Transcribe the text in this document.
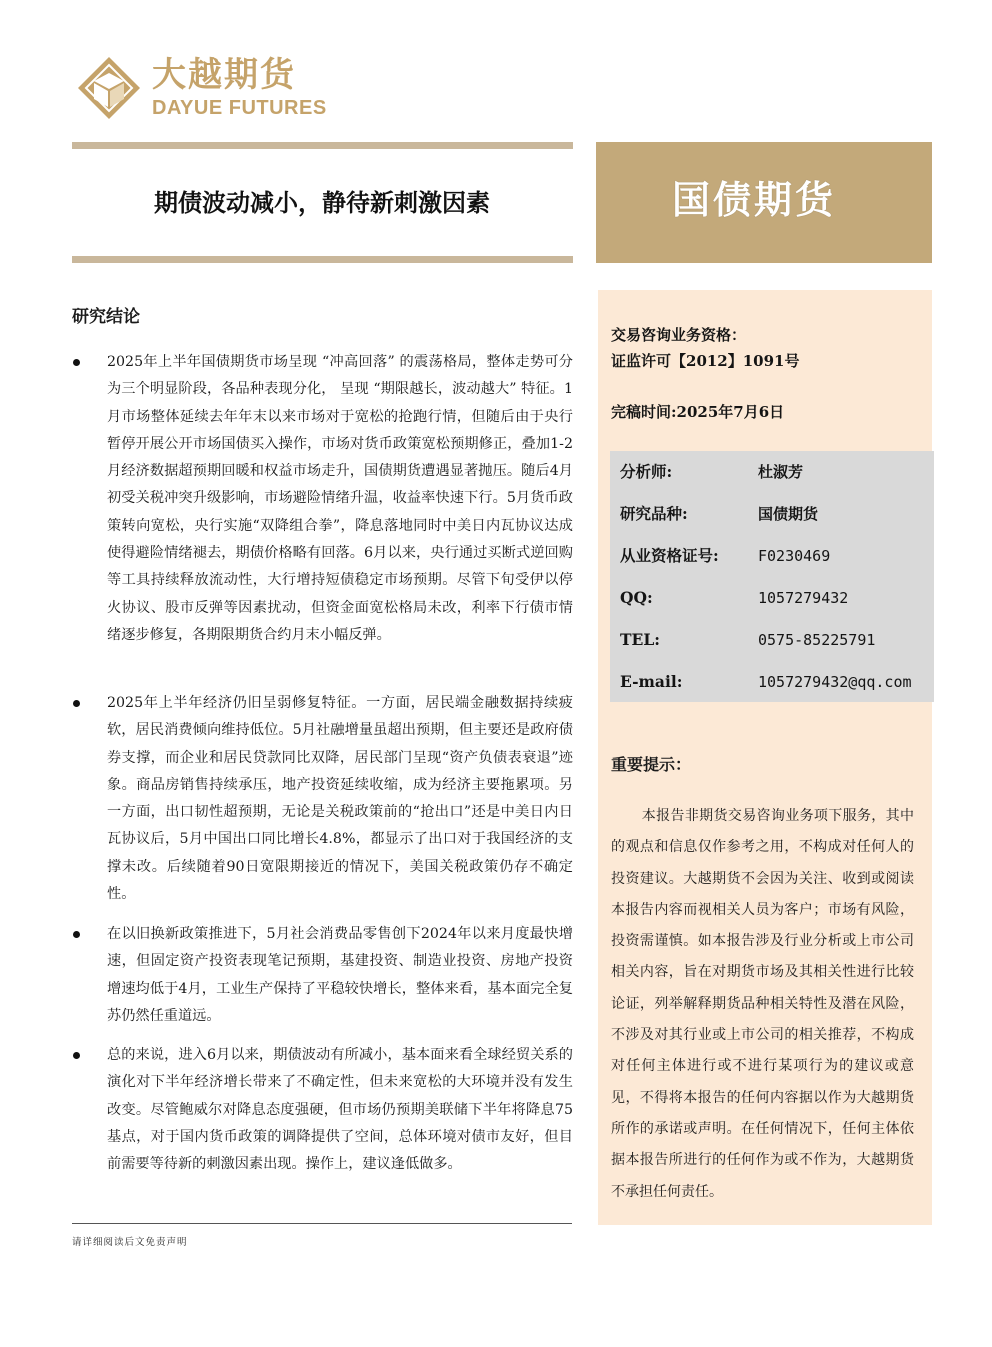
大越期货
DAYUE FUTURES
期债波动减小，静待新刺激因素	国债期货
研究结论

2025年上半年国债期货市场呈现 “冲高回落” 的震荡格局，整体走势可分为三个明显阶段，各品种表现分化， 呈现 “期限越长，波动越大” 特征。1月市场整体延续去年年末以来市场对于宽松的抢跑行情，但随后由于央行暂停开展公开市场国债买入操作，市场对货币政策宽松预期修正，叠加1-2月经济数据超预期回暖和权益市场走升，国债期货遭遇显著抛压。随后4月初受关税冲突升级影响，市场避险情绪升温，收益率快速下行。5月货币政策转向宽松，央行实施“双降组合拳”，降息落地同时中美日内瓦协议达成使得避险情绪褪去，期债价格略有回落。6月以来，央行通过买断式逆回购等工具持续释放流动性，大行增持短债稳定市场预期。尽管下旬受伊以停火协议、股市反弹等因素扰动，但资金面宽松格局未改，利率下行债市情绪逐步修复，各期限期货合约月末小幅反弹。

2025年上半年经济仍旧呈弱修复特征。一方面，居民端金融数据持续疲软，居民消费倾向维持低位。5月社融增量虽超出预期，但主要还是政府债券支撑，而企业和居民贷款同比双降，居民部门呈现“资产负债表衰退”迹象。商品房销售持续承压，地产投资延续收缩，成为经济主要拖累项。另一方面，出口韧性超预期，无论是关税政策前的“抢出口”还是中美日内日瓦协议后，5月中国出口同比增长4.8%，都显示了出口对于我国经济的支撑未改。后续随着90日宽限期接近的情况下，美国关税政策仍存不确定性。

在以旧换新政策推进下，5月社会消费品零售创下2024年以来月度最快增速，但固定资产投资表现笔记预期，基建投资、制造业投资、房地产投资增速均低于4月，工业生产保持了平稳较快增长，整体来看，基本面完全复苏仍然任重道远。

总的来说，进入6月以来，期债波动有所减小，基本面来看全球经贸关系的演化对下半年经济增长带来了不确定性，但未来宽松的大环境并没有发生改变。尽管鲍威尔对降息态度强硬，但市场仍预期美联储下半年将降息75基点，对于国内货币政策的调降提供了空间，总体环境对债市友好，但目前需要等待新的刺激因素出现。操作上，建议逢低做多。

请详细阅读后文免责声明
交易咨询业务资格：
证监许可【2012】1091号
完稿时间:2025年7月6日
分析师:	杜淑芳
研究品种:	国债期货
从业资格证号:	F0230469
QQ:	1057279432
TEL:	0575-85225791
E-mail:	1057279432@qq.com
重要提示：

本报告非期货交易咨询业务项下服务，其中的观点和信息仅作参考之用，不构成对任何人的投资建议。大越期货不会因为关注、收到或阅读本报告内容而视相关人员为客户；市场有风险，投资需谨慎。如本报告涉及行业分析或上市公司相关内容，旨在对期货市场及其相关性进行比较论证，列举解释期货品种相关特性及潜在风险，不涉及对其行业或上市公司的相关推荐，不构成对任何主体进行或不进行某项行为的建议或意见，不得将本报告的任何内容据以作为大越期货所作的承诺或声明。在任何情况下，任何主体依据本报告所进行的任何作为或不作为，大越期货不承担任何责任。
